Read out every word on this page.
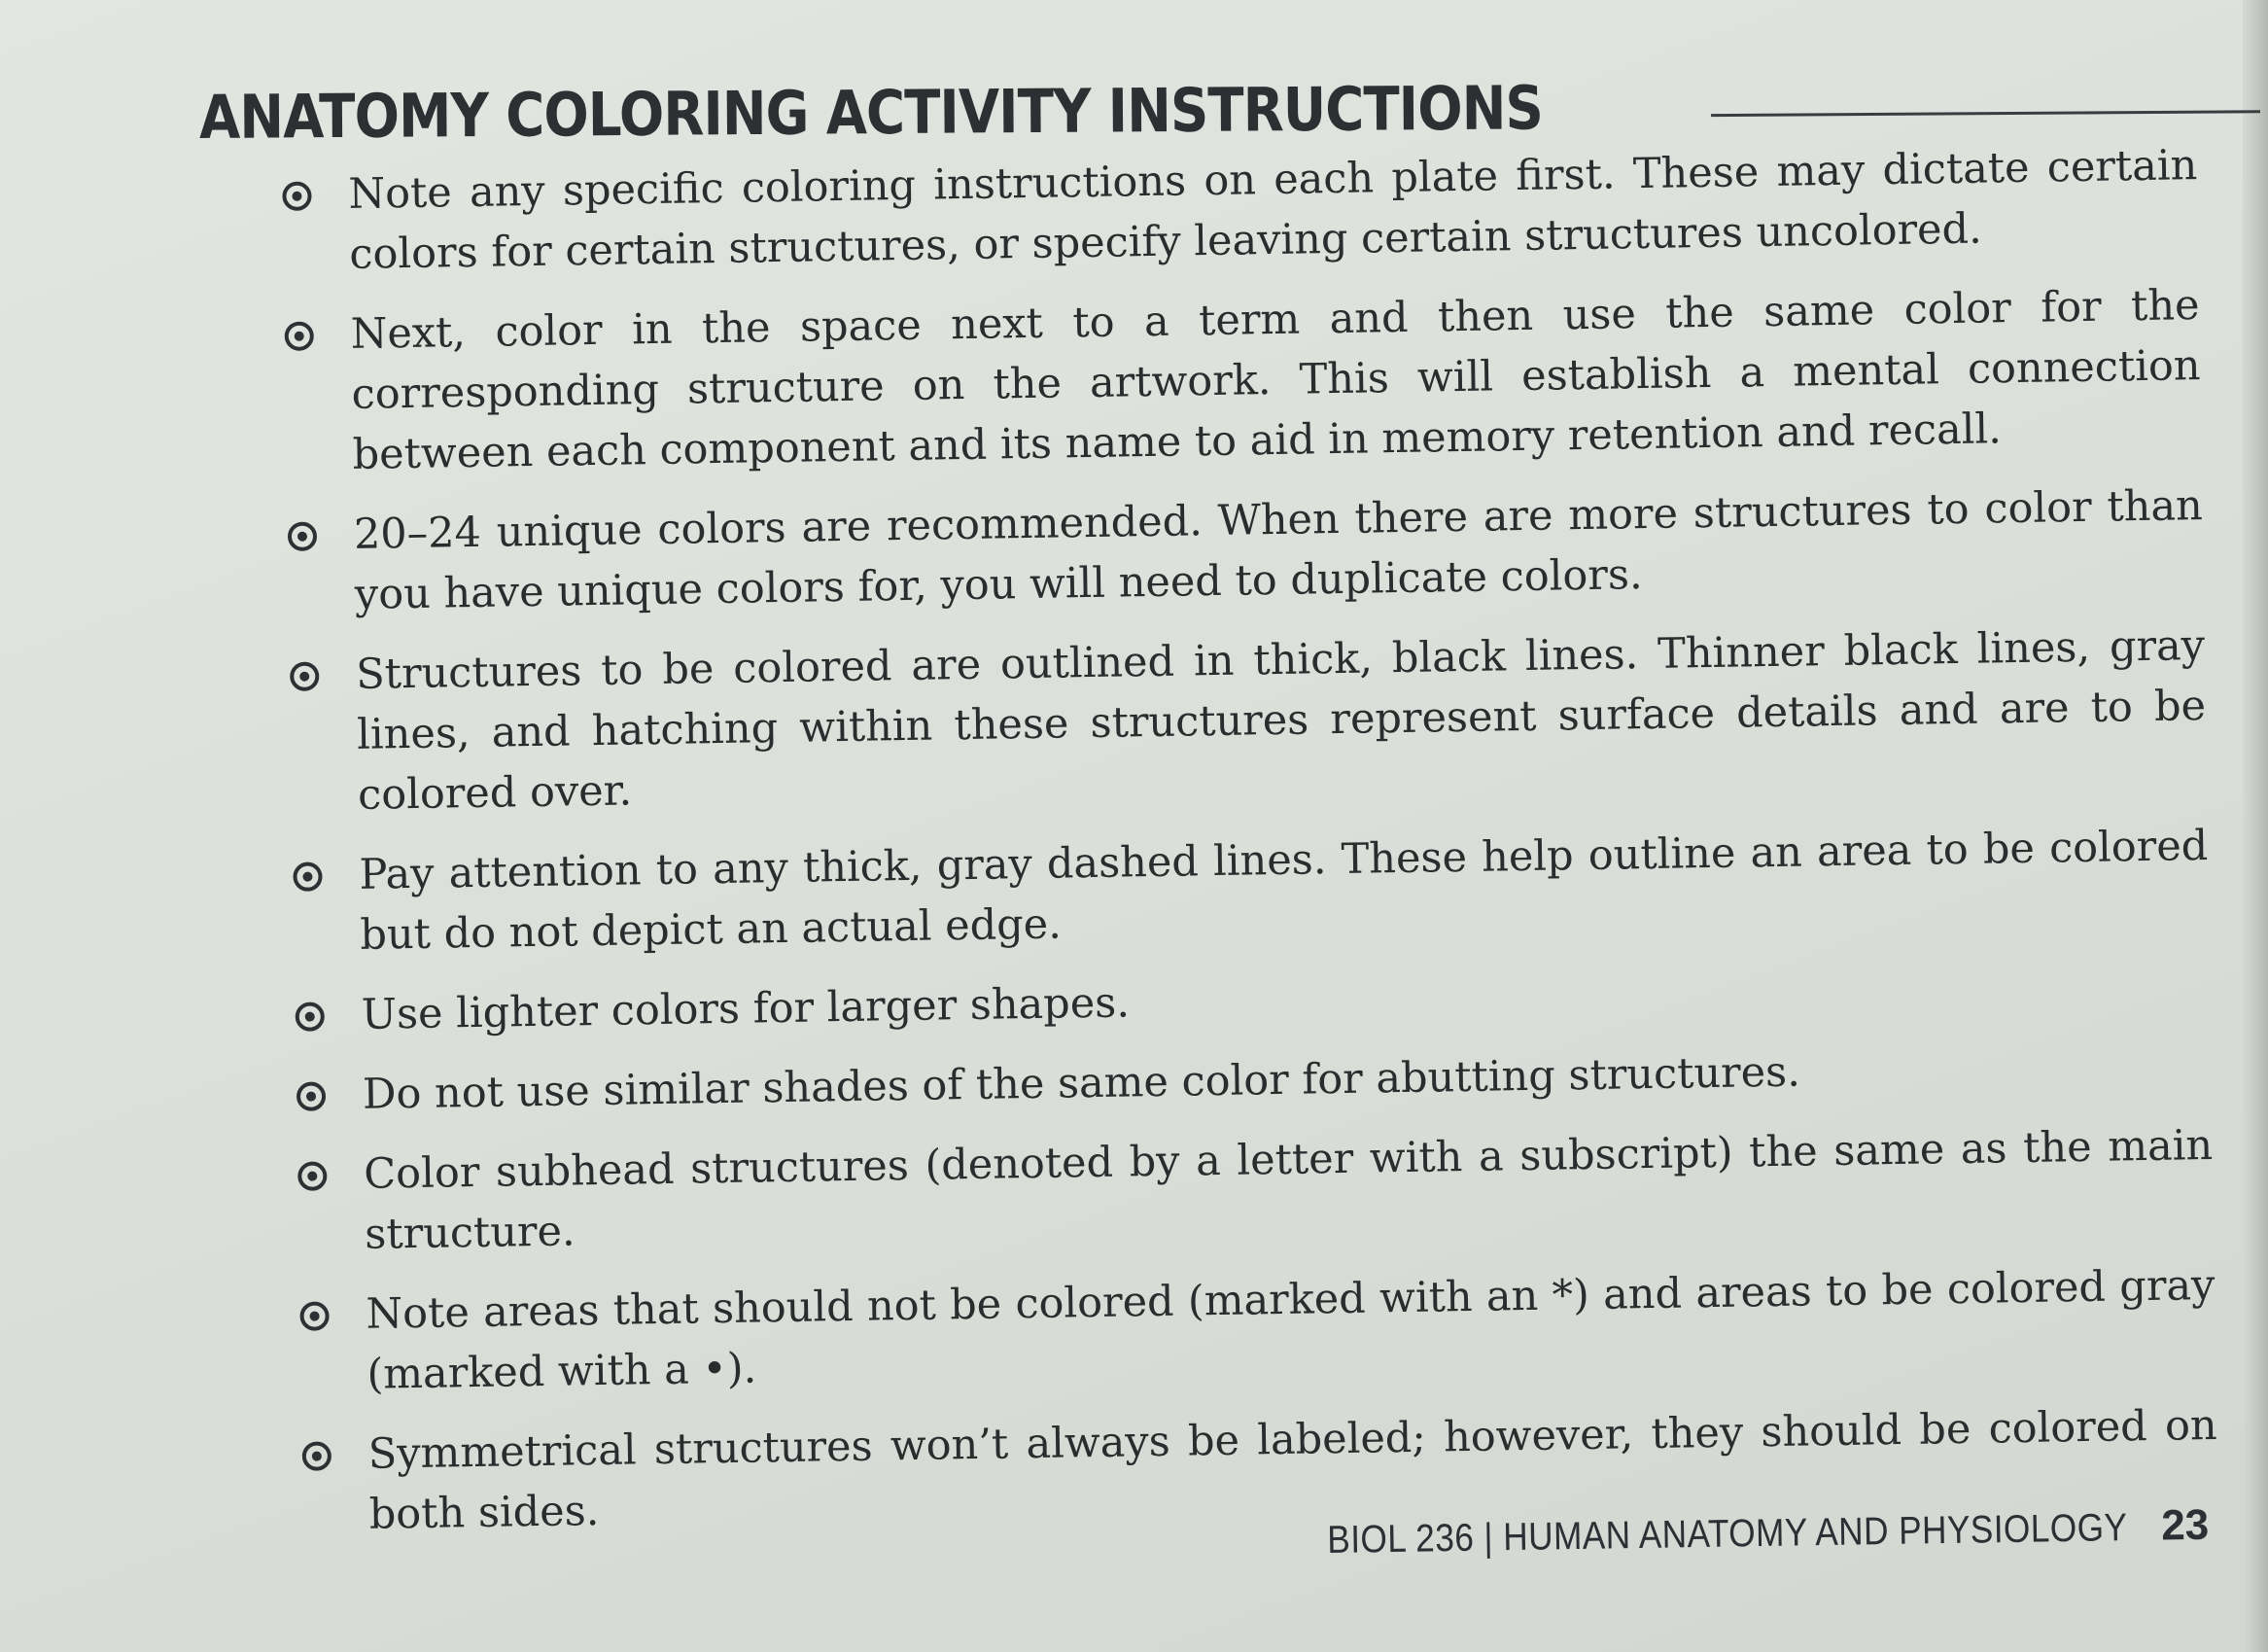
ANATOMY COLORING ACTIVITY INSTRUCTIONS
Note any specific coloring instructions on each plate first. These may dictate certain colors for certain structures, or specify leaving certain structures uncolored.
Next, color in the space next to a term and then use the same color for the corresponding structure on the artwork. This will establish a mental connection between each component and its name to aid in memory retention and recall.
20–24 unique colors are recommended. When there are more structures to color than you have unique colors for, you will need to duplicate colors.
Structures to be colored are outlined in thick, black lines. Thinner black lines, gray lines, and hatching within these structures represent surface details and are to be colored over.
Pay attention to any thick, gray dashed lines. These help outline an area to be colored but do not depict an actual edge.
Use lighter colors for larger shapes.
Do not use similar shades of the same color for abutting structures.
Color subhead structures (denoted by a letter with a subscript) the same as the main structure.
Note areas that should not be colored (marked with an *) and areas to be colored gray (marked with a •).
Symmetrical structures won’t always be labeled; however, they should be colored on both sides.	BIOL 236 | HUMAN ANATOMY AND PHYSIOLOGY 23
